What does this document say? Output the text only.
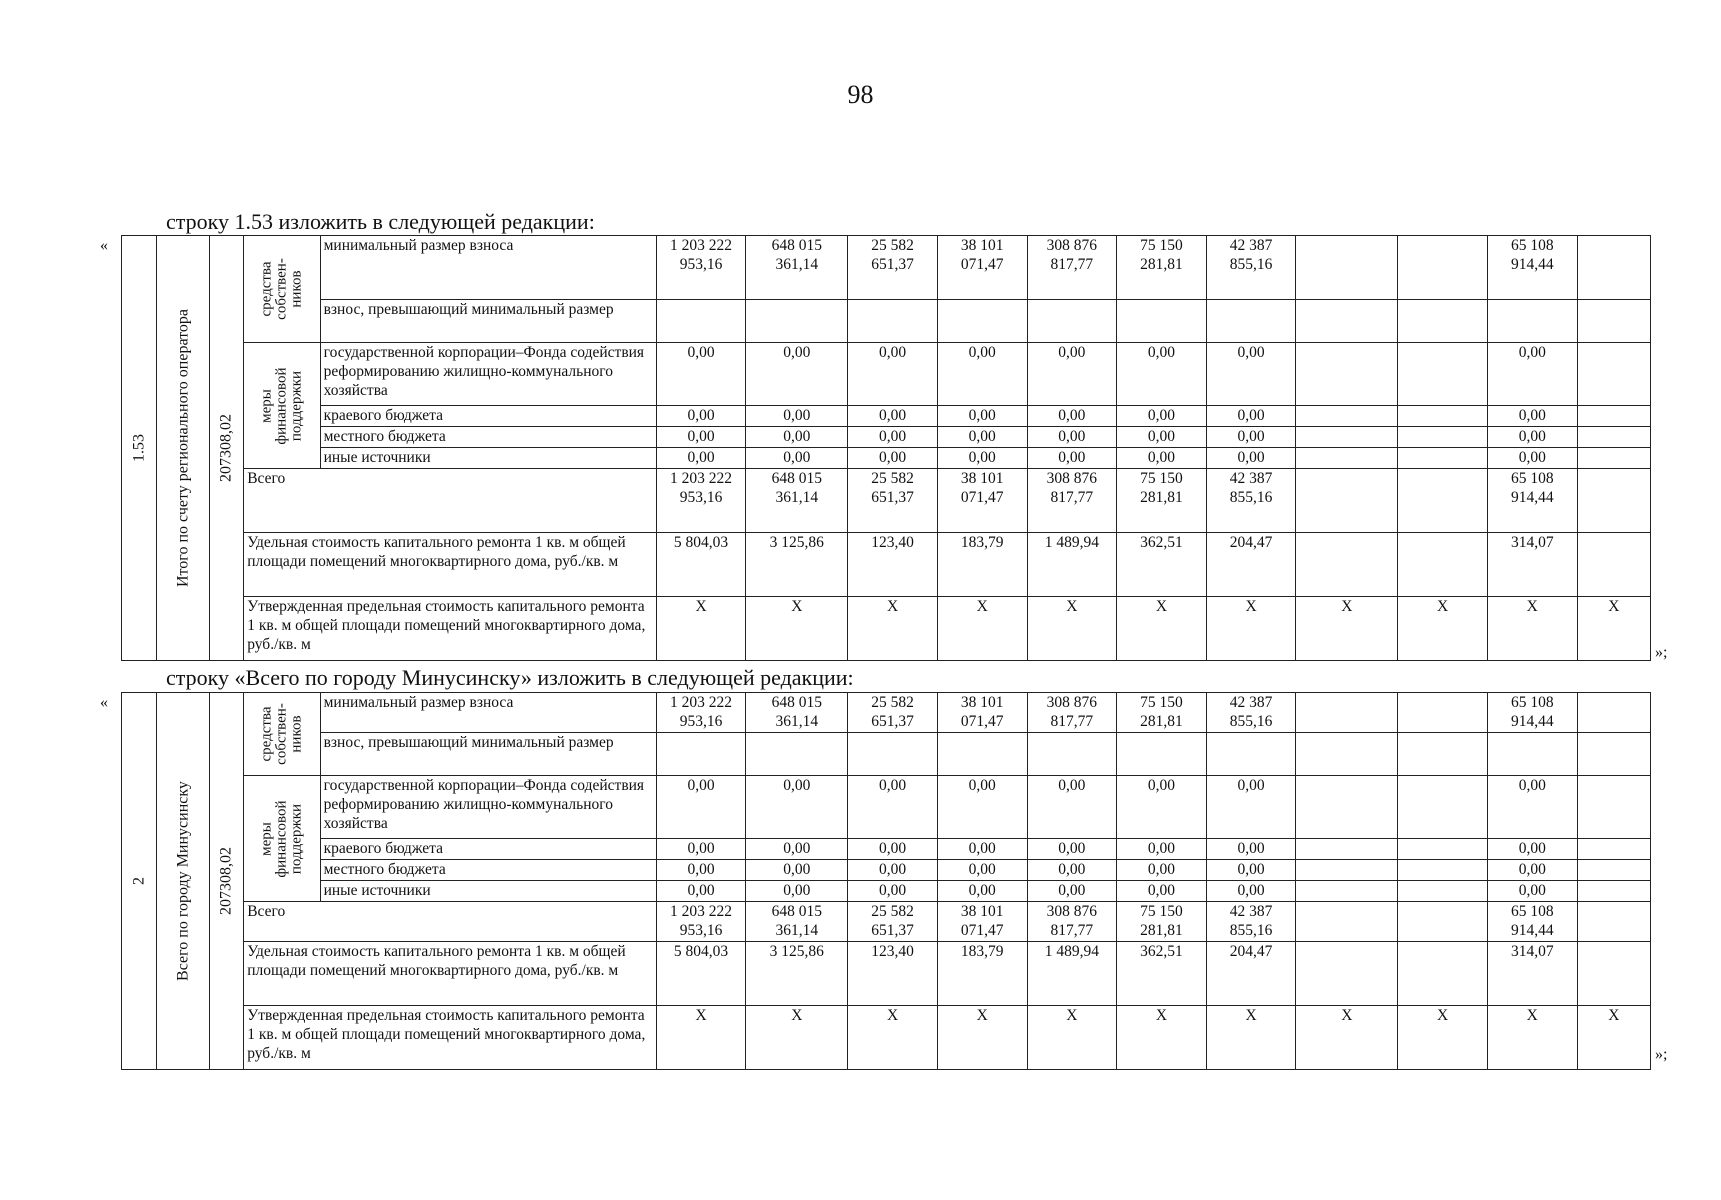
98
строку 1.53 изложить в следующей редакции:
«
»;
1.53	Итого по счету регионального оператора	207308,02	средства собствен-ников	минимальный размер взноса	1 203 222 953,16	648 015 361,14	25 582 651,37	38 101 071,47	308 876 817,77	75 150 281,81	42 387 855,16			65 108 914,44	
				взнос, превышающий минимальный размер											

			меры финансовой поддержки	государственной корпорации–Фонда содействия реформированию жилищно-коммунального хозяйства	0,00	0,00	0,00	0,00	0,00	0,00	0,00			0,00	
				краевого бюджета	0,00	0,00	0,00	0,00	0,00	0,00	0,00			0,00	
				местного бюджета	0,00	0,00	0,00	0,00	0,00	0,00	0,00			0,00	
				иные источники	0,00	0,00	0,00	0,00	0,00	0,00	0,00			0,00	
			Всего		1 203 222 953,16	648 015 361,14	25 582 651,37	38 101 071,47	308 876 817,77	75 150 281,81	42 387 855,16			65 108 914,44	
			Удельная стоимость капитального ремонта 1 кв. м общей площади помещений многоквартирного дома, руб./кв. м		5 804,03	3 125,86	123,40	183,79	1 489,94	362,51	204,47			314,07	
			Утвержденная предельная стоимость капитального ремонта 1 кв. м общей площади помещений многоквартирного дома, руб./кв. м		X	X	X	X	X	X	X	X	X	X	X
строку «Всего по городу Минусинску» изложить в следующей редакции:
«
»;
2	Всего по городу Минусинску	207308,02	средства собствен-ников	минимальный размер взноса	1 203 222 953,16	648 015 361,14	25 582 651,37	38 101 071,47	308 876 817,77	75 150 281,81	42 387 855,16			65 108 914,44	
				взнос, превышающий минимальный размер											

			меры финансовой поддержки	государственной корпорации–Фонда содействия реформированию жилищно-коммунального хозяйства	0,00	0,00	0,00	0,00	0,00	0,00	0,00			0,00	
				краевого бюджета	0,00	0,00	0,00	0,00	0,00	0,00	0,00			0,00	
				местного бюджета	0,00	0,00	0,00	0,00	0,00	0,00	0,00			0,00	
				иные источники	0,00	0,00	0,00	0,00	0,00	0,00	0,00			0,00	
			Всего		1 203 222 953,16	648 015 361,14	25 582 651,37	38 101 071,47	308 876 817,77	75 150 281,81	42 387 855,16			65 108 914,44	
			Удельная стоимость капитального ремонта 1 кв. м общей площади помещений многоквартирного дома, руб./кв. м		5 804,03	3 125,86	123,40	183,79	1 489,94	362,51	204,47			314,07	
			Утвержденная предельная стоимость капитального ремонта 1 кв. м общей площади помещений многоквартирного дома, руб./кв. м		X	X	X	X	X	X	X	X	X	X	X
